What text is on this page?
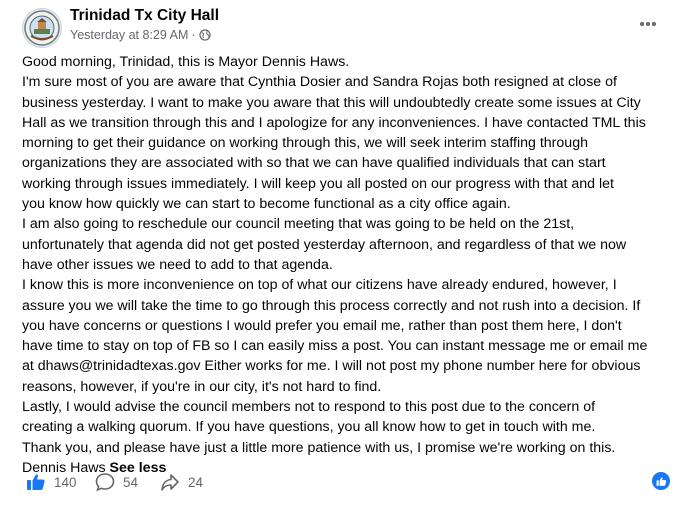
Trinidad Tx City Hall
Yesterday at 8:29 AM ·

Good morning, Trinidad, this is Mayor Dennis Haws.

I'm sure most of you are aware that Cynthia Dosier and Sandra Rojas both resigned at close of

business yesterday. I want to make you aware that this will undoubtedly create some issues at City

Hall as we transition through this and I apologize for any inconveniences. I have contacted TML this

morning to get their guidance on working through this, we will seek interim staffing through

organizations they are associated with so that we can have qualified individuals that can start

working through issues immediately. I will keep you all posted on our progress with that and let

you know how quickly we can start to become functional as a city office again.

I am also going to reschedule our council meeting that was going to be held on the 21st,

unfortunately that agenda did not get posted yesterday afternoon, and regardless of that we now

have other issues we need to add to that agenda.

I know this is more inconvenience on top of what our citizens have already endured, however, I

assure you we will take the time to go through this process correctly and not rush into a decision. If

you have concerns or questions I would prefer you email me, rather than post them here, I don't

have time to stay on top of FB so I can easily miss a post. You can instant message me or email me

at dhaws@trinidadtexas.gov Either works for me. I will not post my phone number here for obvious

reasons, however, if you're in our city, it's not hard to find.

Lastly, I would advise the council members not to respond to this post due to the concern of

creating a walking quorum. If you have questions, you all know how to get in touch with me.

Thank you, and please have just a little more patience with us, I promise we're working on this.

Dennis Haws See less

140	54	24
